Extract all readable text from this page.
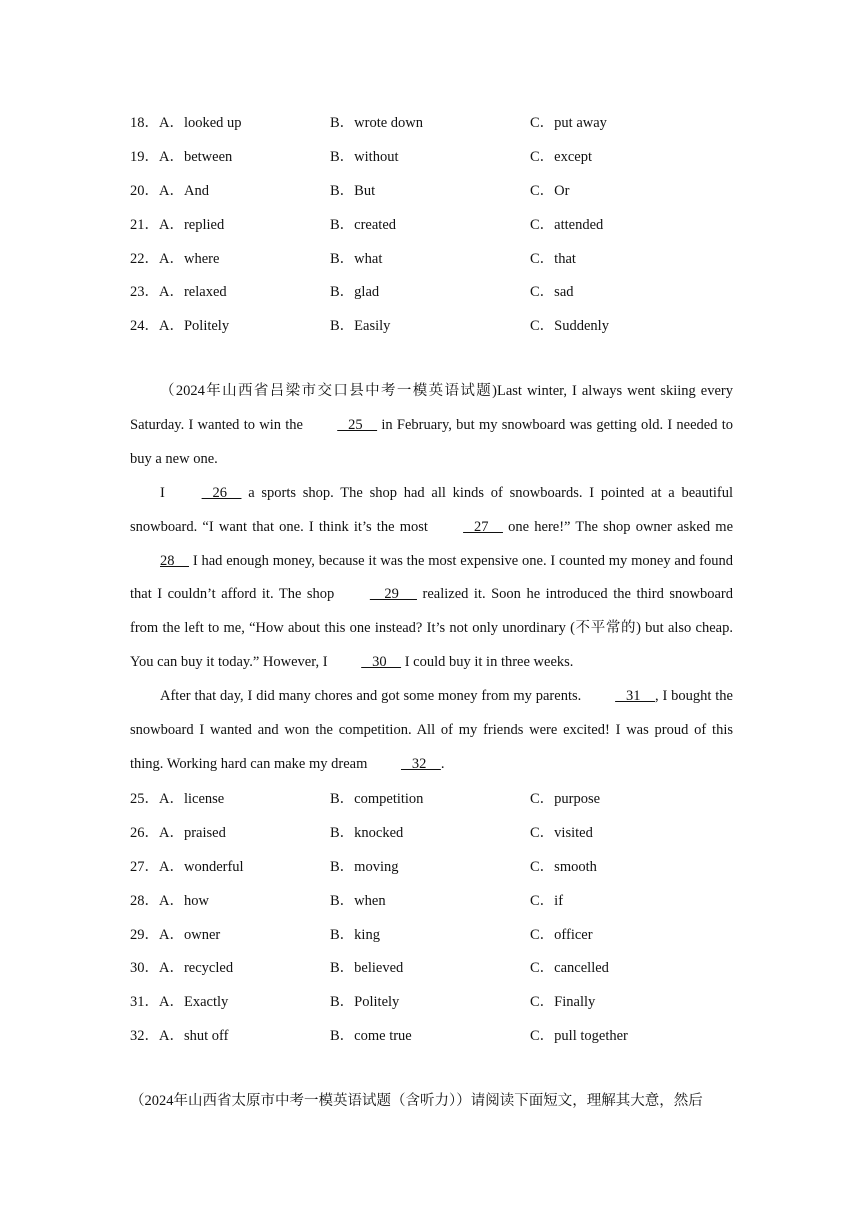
18．A．looked up	B．wrote down	C．put away
19．A．between	B．without	C．except
20．A．And	B．But	C．Or
21．A．replied	B．created	C．attended
22．A．where	B．what	C．that
23．A．relaxed	B．glad	C．sad
24．A．Politely	B．Easily	C．Suddenly

（2024年山西省吕梁市交口县中考一模英语试题)Last winter, I always went skiing every Saturday. I wanted to win the    25     in February, but my snowboard was getting old. I needed to buy a new one.

I	26     a sports shop. The shop had all kinds of snowboards. I pointed at a beautiful snowboard. “I want that one. I think it’s the most    27     one here!” The shop owner asked me 28     I had enough money, because it was the most expensive one. I counted my money and found that I couldn’t afford it. The shop     29      realized it. Soon he introduced the third snowboard from the left to me, “How about this one instead? It’s not only unordinary (不平常的) but also cheap. You can buy it today.” However, I    30     I could buy it in three weeks.

After that day, I did many chores and got some money from my parents.    31    , I bought the snowboard I wanted and won the competition. All of my friends were excited! I was proud of this thing. Working hard can make my dream    32    .

25．A．license	B．competition	C．purpose
26．A．praised	B．knocked	C．visited
27．A．wonderful	B．moving	C．smooth
28．A．how	B．when	C．if
29．A．owner	B．king	C．officer
30．A．recycled	B．believed	C．cancelled
31．A．Exactly	B．Politely	C．Finally
32．A．shut off	B．come true	C．pull together
（2024年山西省太原市中考一模英语试题（含听力））请阅读下面短文，理解其大意，然后
